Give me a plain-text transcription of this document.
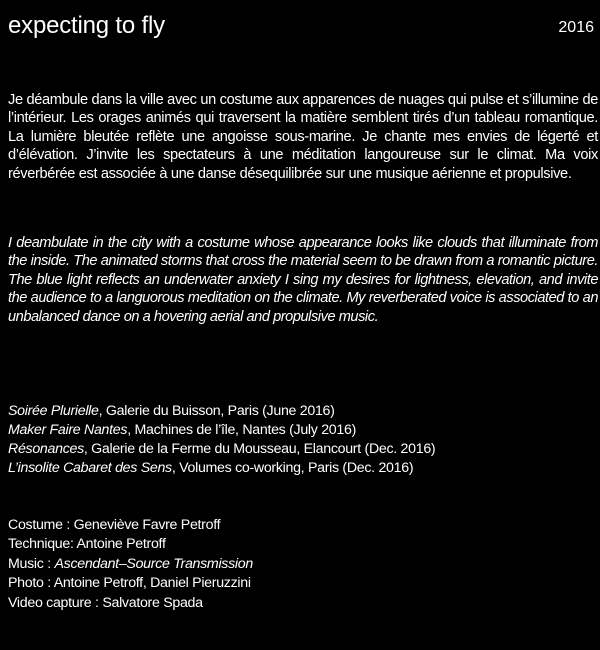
expecting to fly	2016

Je déambule dans la ville avec un costume aux apparences de nuages qui pulse et s’illumine de l’intérieur. Les orages animés qui traversent la matière semblent tirés d’un tableau romantique. La lumière bleutée reflète une angoisse sous-marine. Je chante mes envies de légerté et d’élévation. J’invite les spectateurs à une méditation langoureuse sur le climat. Ma voix réverbérée est associée à une danse désequilibrée sur une musique aérienne et propulsive.

I deambulate in the city with a costume whose appearance looks like clouds that illuminate from the inside. The animated storms that cross the material seem to be drawn from a romantic picture. The blue light reflects an underwater anxiety I sing my desires for lightness, elevation, and invite the audience to a languorous meditation on the climate. My reverberated voice is associated to an unbalanced dance on a hovering aerial and propulsive music.

Soirée Plurielle, Galerie du Buisson, Paris (June 2016)
Maker Faire Nantes, Machines de l’île, Nantes (July 2016)
Résonances, Galerie de la Ferme du Mousseau, Elancourt (Dec. 2016)
L’insolite Cabaret des Sens, Volumes co-working, Paris (Dec. 2016)
Costume : Geneviève Favre Petroff
Technique: Antoine Petroff
Music : Ascendant–Source Transmission
Photo : Antoine Petroff, Daniel Pieruzzini
Video capture : Salvatore Spada
